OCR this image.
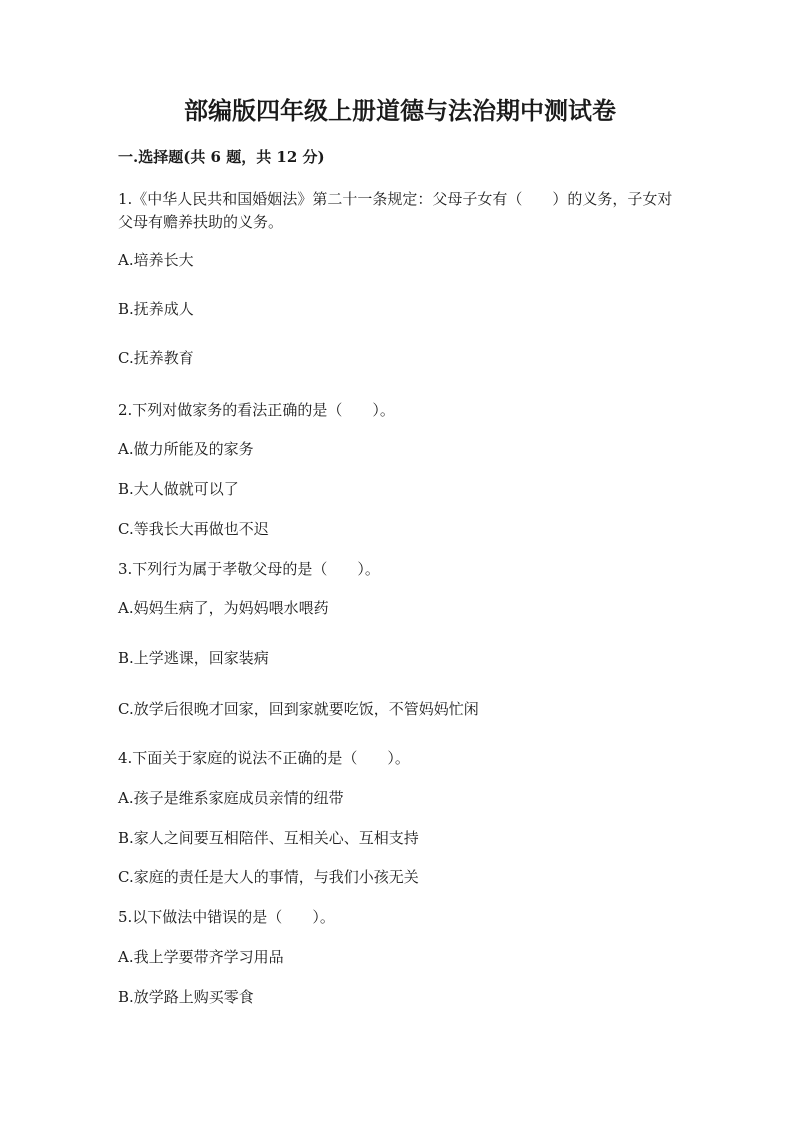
部编版四年级上册道德与法治期中测试卷
一.选择题(共 6 题，共 12 分)
1.《中华人民共和国婚姻法》第二十一条规定：父母子女有（　　）的义务，子女对父母有赡养扶助的义务。
A.培养长大
B.抚养成人
C.抚养教育
2.下列对做家务的看法正确的是（　　）。
A.做力所能及的家务
B.大人做就可以了
C.等我长大再做也不迟
3.下列行为属于孝敬父母的是（　　）。
A.妈妈生病了，为妈妈喂水喂药
B.上学逃课，回家装病
C.放学后很晚才回家，回到家就要吃饭，不管妈妈忙闲
4.下面关于家庭的说法不正确的是（　　）。
A.孩子是维系家庭成员亲情的纽带
B.家人之间要互相陪伴、互相关心、互相支持
C.家庭的责任是大人的事情，与我们小孩无关
5.以下做法中错误的是（　　）。
A.我上学要带齐学习用品
B.放学路上购买零食
